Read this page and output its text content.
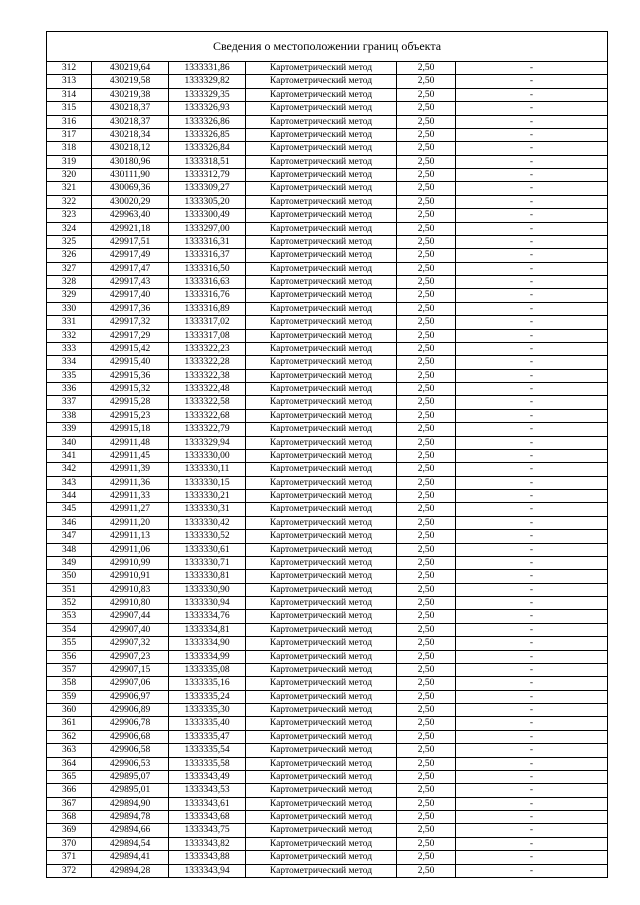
Сведения о местоположении границ объекта
312	430219,64	1333331,86	Картометрический метод	2,50	-
313	430219,58	1333329,82	Картометрический метод	2,50	-
314	430219,38	1333329,35	Картометрический метод	2,50	-
315	430218,37	1333326,93	Картометрический метод	2,50	-
316	430218,37	1333326,86	Картометрический метод	2,50	-
317	430218,34	1333326,85	Картометрический метод	2,50	-
318	430218,12	1333326,84	Картометрический метод	2,50	-
319	430180,96	1333318,51	Картометрический метод	2,50	-
320	430111,90	1333312,79	Картометрический метод	2,50	-
321	430069,36	1333309,27	Картометрический метод	2,50	-
322	430020,29	1333305,20	Картометрический метод	2,50	-
323	429963,40	1333300,49	Картометрический метод	2,50	-
324	429921,18	1333297,00	Картометрический метод	2,50	-
325	429917,51	1333316,31	Картометрический метод	2,50	-
326	429917,49	1333316,37	Картометрический метод	2,50	-
327	429917,47	1333316,50	Картометрический метод	2,50	-
328	429917,43	1333316,63	Картометрический метод	2,50	-
329	429917,40	1333316,76	Картометрический метод	2,50	-
330	429917,36	1333316,89	Картометрический метод	2,50	-
331	429917,32	1333317,02	Картометрический метод	2,50	-
332	429917,29	1333317,08	Картометрический метод	2,50	-
333	429915,42	1333322,23	Картометрический метод	2,50	-
334	429915,40	1333322,28	Картометрический метод	2,50	-
335	429915,36	1333322,38	Картометрический метод	2,50	-
336	429915,32	1333322,48	Картометрический метод	2,50	-
337	429915,28	1333322,58	Картометрический метод	2,50	-
338	429915,23	1333322,68	Картометрический метод	2,50	-
339	429915,18	1333322,79	Картометрический метод	2,50	-
340	429911,48	1333329,94	Картометрический метод	2,50	-
341	429911,45	1333330,00	Картометрический метод	2,50	-
342	429911,39	1333330,11	Картометрический метод	2,50	-
343	429911,36	1333330,15	Картометрический метод	2,50	-
344	429911,33	1333330,21	Картометрический метод	2,50	-
345	429911,27	1333330,31	Картометрический метод	2,50	-
346	429911,20	1333330,42	Картометрический метод	2,50	-
347	429911,13	1333330,52	Картометрический метод	2,50	-
348	429911,06	1333330,61	Картометрический метод	2,50	-
349	429910,99	1333330,71	Картометрический метод	2,50	-
350	429910,91	1333330,81	Картометрический метод	2,50	-
351	429910,83	1333330,90	Картометрический метод	2,50	-
352	429910,80	1333330,94	Картометрический метод	2,50	-
353	429907,44	1333334,76	Картометрический метод	2,50	-
354	429907,40	1333334,81	Картометрический метод	2,50	-
355	429907,32	1333334,90	Картометрический метод	2,50	-
356	429907,23	1333334,99	Картометрический метод	2,50	-
357	429907,15	1333335,08	Картометрический метод	2,50	-
358	429907,06	1333335,16	Картометрический метод	2,50	-
359	429906,97	1333335,24	Картометрический метод	2,50	-
360	429906,89	1333335,30	Картометрический метод	2,50	-
361	429906,78	1333335,40	Картометрический метод	2,50	-
362	429906,68	1333335,47	Картометрический метод	2,50	-
363	429906,58	1333335,54	Картометрический метод	2,50	-
364	429906,53	1333335,58	Картометрический метод	2,50	-
365	429895,07	1333343,49	Картометрический метод	2,50	-
366	429895,01	1333343,53	Картометрический метод	2,50	-
367	429894,90	1333343,61	Картометрический метод	2,50	-
368	429894,78	1333343,68	Картометрический метод	2,50	-
369	429894,66	1333343,75	Картометрический метод	2,50	-
370	429894,54	1333343,82	Картометрический метод	2,50	-
371	429894,41	1333343,88	Картометрический метод	2,50	-
372	429894,28	1333343,94	Картометрический метод	2,50	-
